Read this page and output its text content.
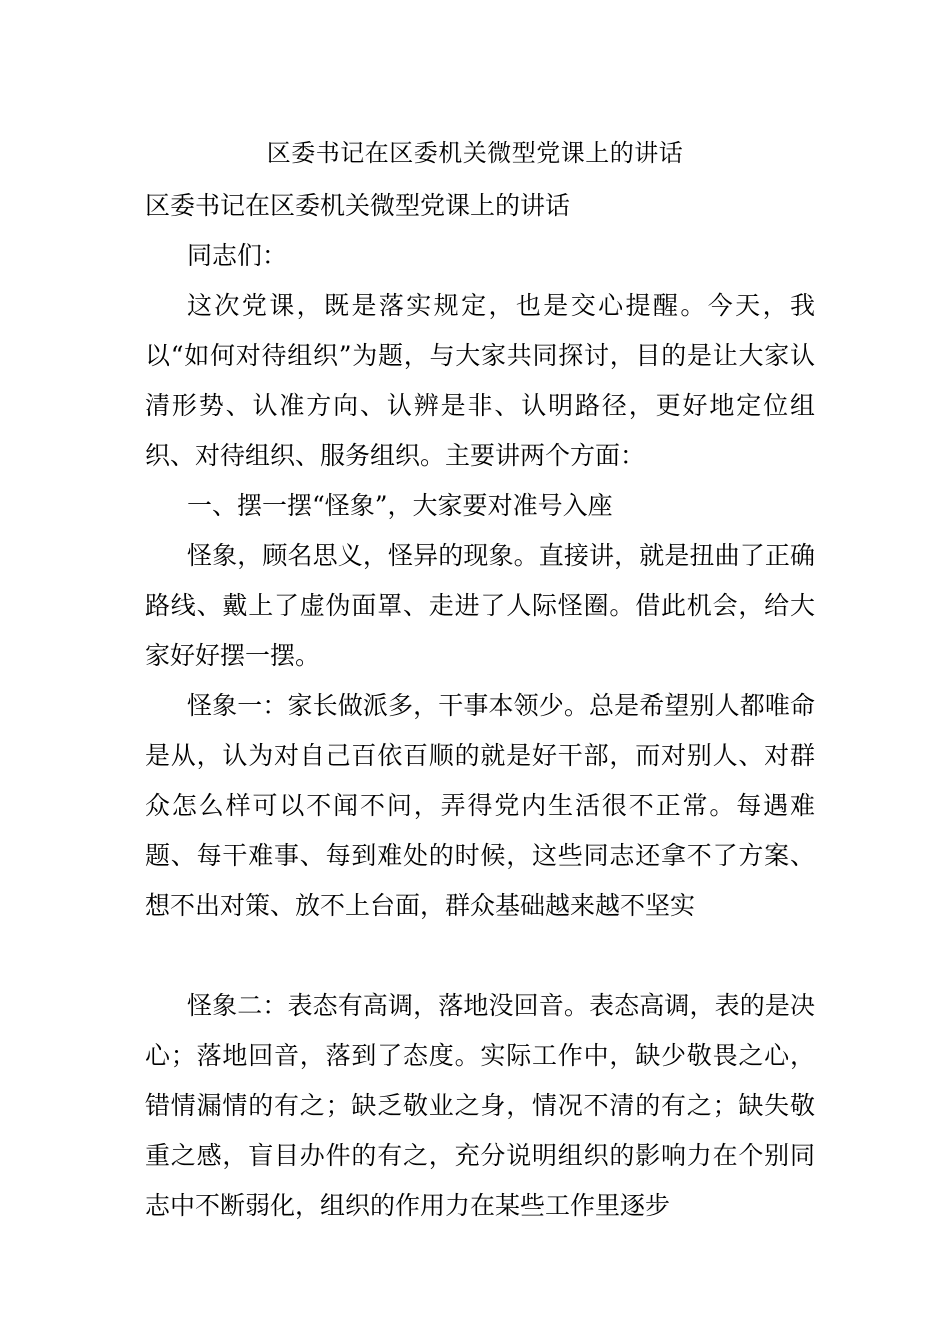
区委书记在区委机关微型党课上的讲话

区委书记在区委机关微型党课上的讲话

同志们：

这次党课，既是落实规定，也是交心提醒。今天，我以“如何对待组织”为题，与大家共同探讨，目的是让大家认清形势、认准方向、认辨是非、认明路径，更好地定位组织、对待组织、服务组织。主要讲两个方面：

一、摆一摆“怪象”，大家要对准号入座

怪象，顾名思义，怪异的现象。直接讲，就是扭曲了正确路线、戴上了虚伪面罩、走进了人际怪圈。借此机会，给大家好好摆一摆。

怪象一：家长做派多，干事本领少。总是希望别人都唯命是从，认为对自己百依百顺的就是好干部，而对别人、对群众怎么样可以不闻不问，弄得党内生活很不正常。每遇难题、每干难事、每到难处的时候，这些同志还拿不了方案、想不出对策、放不上台面，群众基础越来越不坚实

怪象二：表态有高调，落地没回音。表态高调，表的是决心；落地回音，落到了态度。实际工作中，缺少敬畏之心，错情漏情的有之；缺乏敬业之身，情况不清的有之；缺失敬重之感，盲目办件的有之，充分说明组织的影响力在个别同志中不断弱化，组织的作用力在某些工作里逐步
